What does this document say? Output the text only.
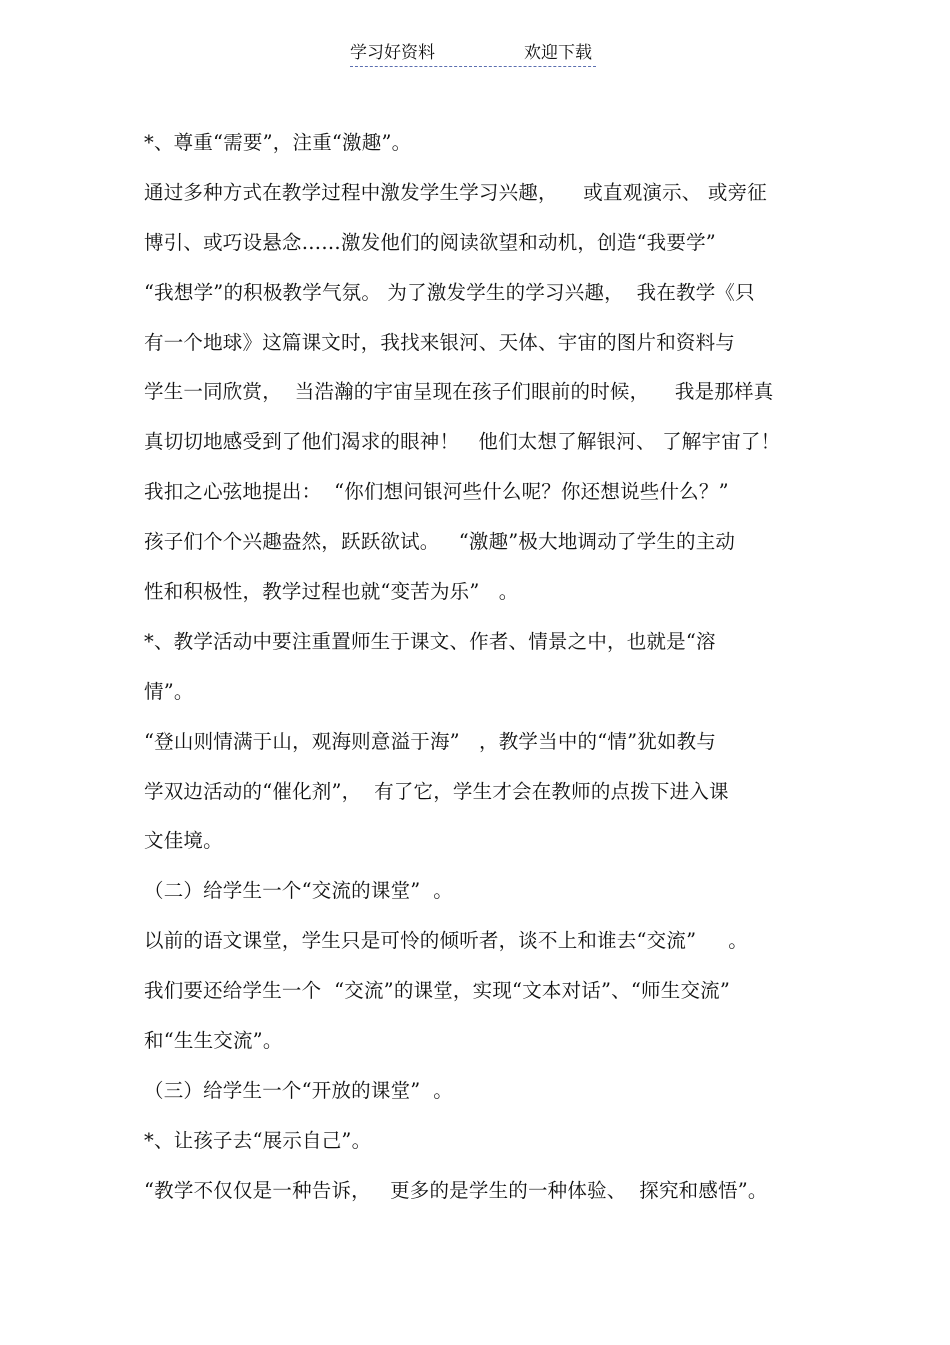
学习好资料	欢迎下载
*、尊重“需要”，注重“激趣”。
通过多种方式在教学过程中激发学生学习兴趣，    或直观演示、 或旁征
博引、或巧设悬念……激发他们的阅读欲望和动机，创造“我要学”
“我想学”的积极教学气氛。 为了激发学生的学习兴趣，  我在教学《只
有一个地球》这篇课文时，我找来银河、天体、宇宙的图片和资料与
学生一同欣赏，  当浩瀚的宇宙呈现在孩子们眼前的时候，    我是那样真
真切切地感受到了他们渴求的眼神！   他们太想了解银河、 了解宇宙了！
我扣之心弦地提出：  “你们想问银河些什么呢？你还想说些什么？”
孩子们个个兴趣盎然，跃跃欲试。   “激趣”极大地调动了学生的主动
性和积极性，教学过程也就“变苦为乐”   。
*、教学活动中要注重置师生于课文、作者、情景之中，也就是“溶
情”。
“登山则情满于山，观海则意溢于海”   ，教学当中的“情”犹如教与
学双边活动的“催化剂”，  有了它，学生才会在教师的点拨下进入课
文佳境。
（二）给学生一个“交流的课堂”  。
以前的语文课堂，学生只是可怜的倾听者，谈不上和谁去“交流”     。
我们要还给学生一个  “交流”的课堂，实现“文本对话”、“师生交流”
和“生生交流”。
（三）给学生一个“开放的课堂”  。
*、让孩子去“展示自己”。
“教学不仅仅是一种告诉，   更多的是学生的一种体验、  探究和感悟”。
